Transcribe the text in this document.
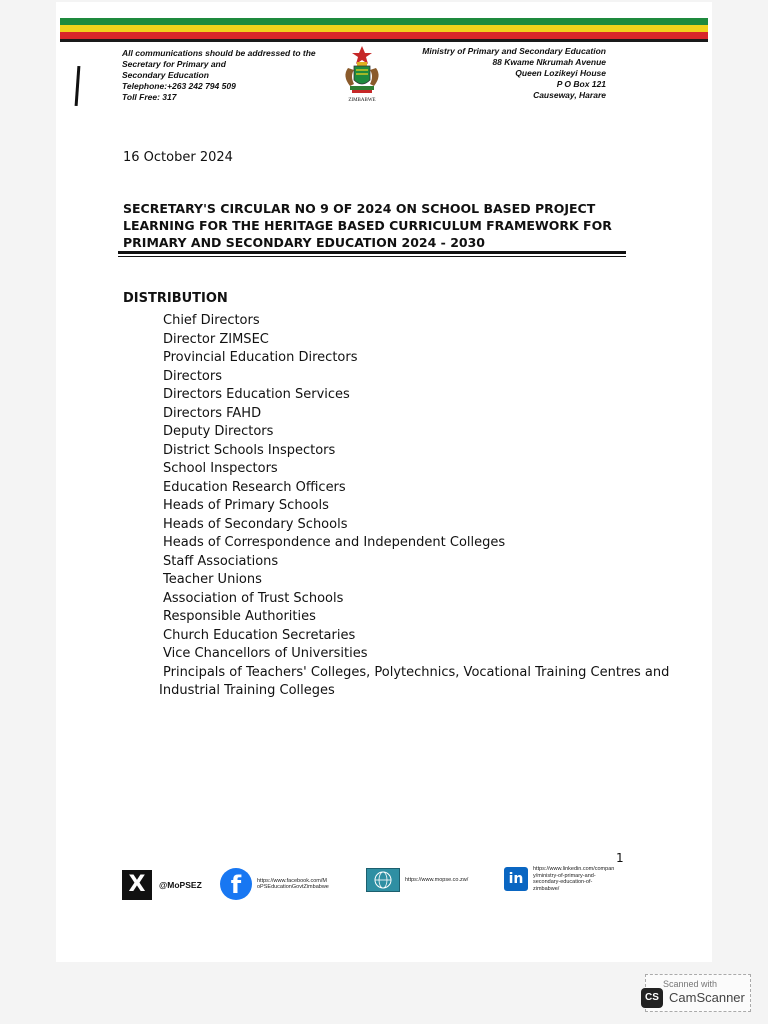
All communications should be addressed to the
Secretary for Primary and
Secondary Education
Telephone:+263 242 794 509
Toll Free: 317	ZIMBABWE
Ministry of Primary and Secondary Education
88 Kwame Nkrumah Avenue
Queen Lozikeyi House
P O Box 121
Causeway, Harare
16 October 2024
SECRETARY'S CIRCULAR NO 9 OF 2024 ON SCHOOL BASED PROJECT
LEARNING FOR THE HERITAGE BASED CURRICULUM FRAMEWORK FOR
PRIMARY AND SECONDARY EDUCATION 2024 - 2030
DISTRIBUTION
Chief Directors
Director ZIMSEC
Provincial Education Directors
Directors
Directors Education Services
Directors FAHD
Deputy Directors
District Schools Inspectors
School Inspectors
Education Research Officers
Heads of Primary Schools
Heads of Secondary Schools
Heads of Correspondence and Independent Colleges
Staff Associations
Teacher Unions
Association of Trust Schools
Responsible Authorities
Church Education Secretaries
Vice Chancellors of Universities
Principals of Teachers' Colleges, Polytechnics, Vocational Training Centres and
Industrial Training Colleges
1
X	@MoPSEZ	f	https://www.facebook.com/M
oPSEducationGovtZimbabwe
https://www.mopse.co.zw/	in
https://www.linkedin.com/compan
y/ministry-of-primary-and-
secondary-education-of-
zimbabwe/
Scanned with
CS CamScanner
